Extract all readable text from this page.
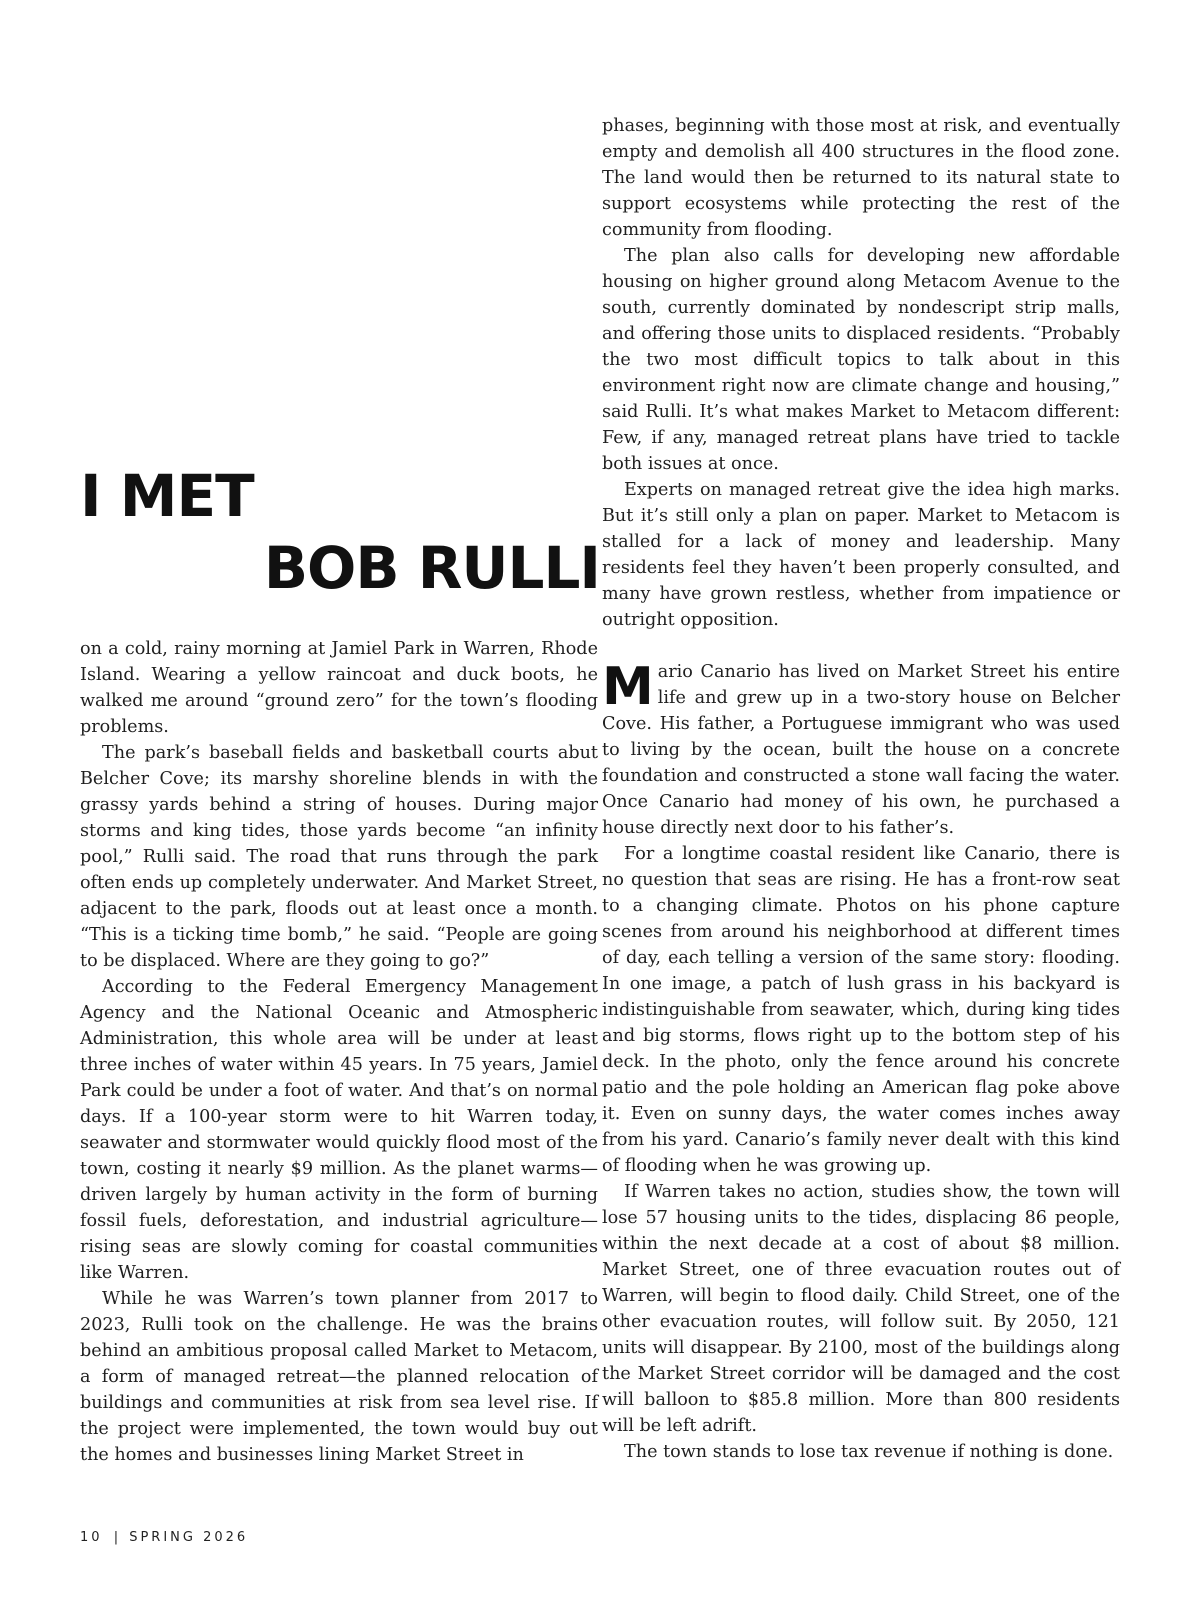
I MET
BOB RULLI

on a cold, rainy morning at Jamiel Park in Warren, Rhode Island. Wearing a yellow raincoat and duck boots, he walked me around “ground zero” for the town’s flooding problems.

The park’s baseball fields and basketball courts abut Belcher Cove; its marshy shoreline blends in with the grassy yards behind a string of houses. During major storms and king tides, those yards become “an infinity pool,” Rulli said. The road that runs through the park often ends up completely underwater. And Market Street, adjacent to the park, floods out at least once a month. “This is a ticking time bomb,” he said. “People are going to be displaced. Where are they going to go?”

According to the Federal Emergency Management Agency and the National Oceanic and Atmospheric Administration, this whole area will be under at least three inches of water within 45 years. In 75 years, Jamiel Park could be under a foot of water. And that’s on normal days. If a 100-year storm were to hit Warren today, seawater and stormwater would quickly flood most of the town, costing it nearly $9 million. As the planet warms—driven largely by human activity in the form of burning fossil fuels, deforestation, and industrial agriculture—rising seas are slowly coming for coastal communities like Warren.

While he was Warren’s town planner from 2017 to 2023, Rulli took on the challenge. He was the brains behind an ambitious proposal called Market to Metacom, a form of managed retreat—the planned relocation of buildings and communities at risk from sea level rise. If the project were implemented, the town would buy out the homes and businesses lining Market Street in

phases, beginning with those most at risk, and eventually empty and demolish all 400 structures in the flood zone. The land would then be returned to its natural state to support ecosystems while protecting the rest of the community from flooding.

The plan also calls for developing new affordable housing on higher ground along Metacom Avenue to the south, currently dominated by nondescript strip malls, and offering those units to displaced residents. “Probably the two most difficult topics to talk about in this environment right now are climate change and housing,” said Rulli. It’s what makes Market to Metacom different: Few, if any, managed retreat plans have tried to tackle both issues at once.

Experts on managed retreat give the idea high marks. But it’s still only a plan on paper. Market to Metacom is stalled for a lack of money and leadership. Many residents feel they haven’t been properly consulted, and many have grown restless, whether from impatience or outright opposition.

Mario Canario has lived on Market Street his entire life and grew up in a two-story house on Belcher Cove. His father, a Portuguese immigrant who was used to living by the ocean, built the house on a concrete foundation and constructed a stone wall facing the water. Once Canario had money of his own, he purchased a house directly next door to his father’s.

For a longtime coastal resident like Canario, there is no question that seas are rising. He has a front-row seat to a changing climate. Photos on his phone capture scenes from around his neighborhood at different times of day, each telling a version of the same story: flooding. In one image, a patch of lush grass in his backyard is indistinguishable from seawater, which, during king tides and big storms, flows right up to the bottom step of his deck. In the photo, only the fence around his concrete patio and the pole holding an American flag poke above it. Even on sunny days, the water comes inches away from his yard. Canario’s family never dealt with this kind of flooding when he was growing up.

If Warren takes no action, studies show, the town will lose 57 housing units to the tides, displacing 86 people, within the next decade at a cost of about $8 million. Market Street, one of three evacuation routes out of Warren, will begin to flood daily. Child Street, one of the other evacuation routes, will follow suit. By 2050, 121 units will disappear. By 2100, most of the buildings along the Market Street corridor will be damaged and the cost will balloon to $85.8 million. More than 800 residents will be left adrift.

The town stands to lose tax revenue if nothing is done.

10 | SPRING 2026
